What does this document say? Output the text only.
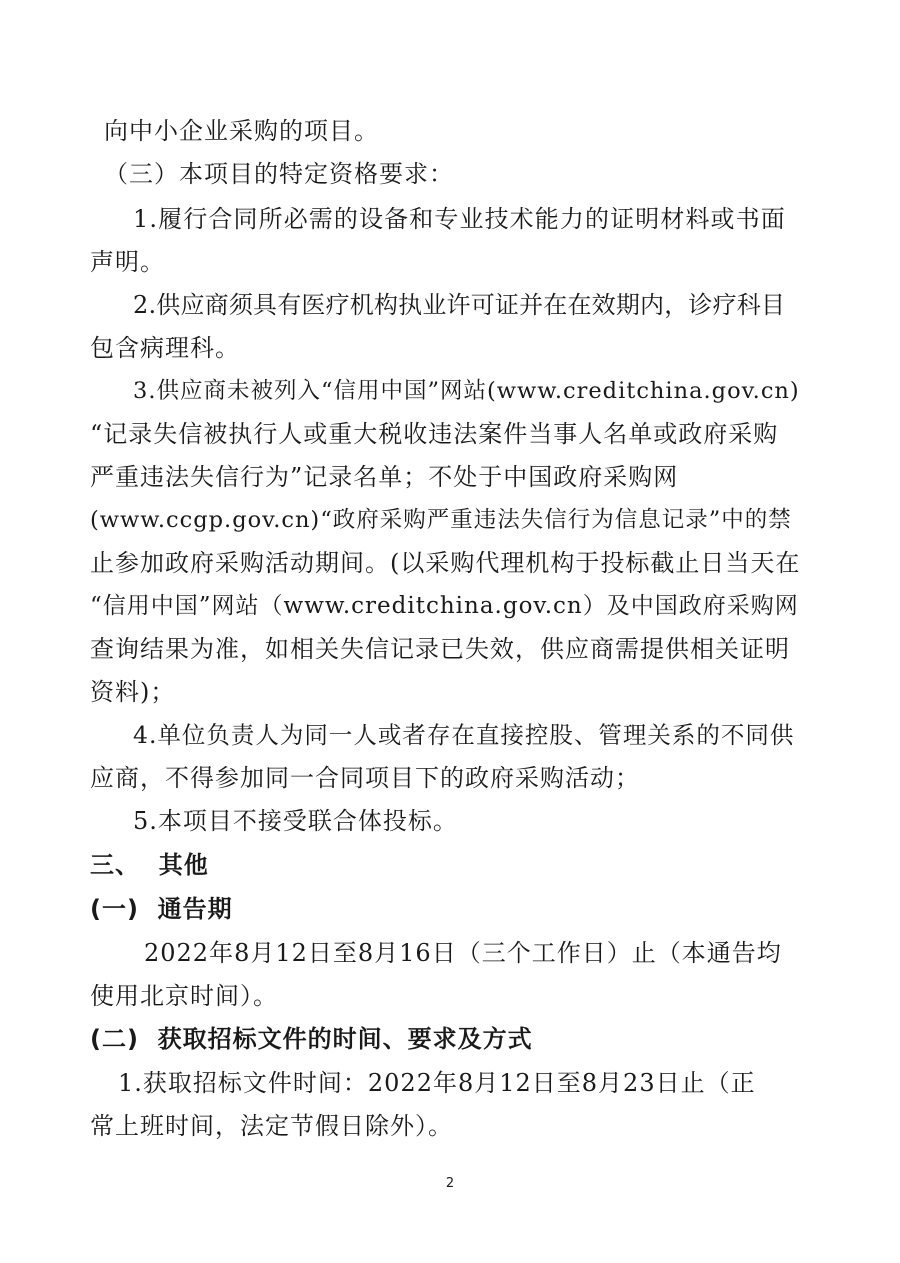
向中小企业采购的项目。
（三）本项目的特定资格要求：
1 . 履 行 合 同 所 必 需 的 设 备 和 专 业 技 术 能 力 的 证 明 材 料 或 书 面
声明。
2 . 供 应 商 须 具 有 医 疗 机 构 执 业 许 可 证 并 在 在 效 期 内 ， 诊 疗 科 目
包含病理科。
3.供应商未被列入“信用中国”网站(www.creditchina.gov.cn)
“记录失信被执行人或重大税收违法案件当事人名单或政府采购
严重违法失信行为”记录名单；不处于中国政府采购网
(www.ccgp.gov.cn)“政府采购严重违法失信行为信息记录”中的禁
止参加政府采购活动期间。(以采购代理机构于投标截止日当天在
“信用中国”网站（www.creditchina.gov.cn）及中国政府采购网
查询结果为准，如相关失信记录已失效，供应商需提供相关证明
资料)；
4.单位负责人为同一人或者存在直接控股、管理关系的不同供
应商，不得参加同一合同项目下的政府采购活动；
5.本项目不接受联合体投标。
三、  其他
(一)  通告期
2022年8月12日至8月16日（三个工作日）止（本通告均
使用北京时间）。
(二)  获取招标文件的时间、要求及方式
1.获取招标文件时间：2022年8月12日至8月23日止（正
常上班时间，法定节假日除外）。
2
